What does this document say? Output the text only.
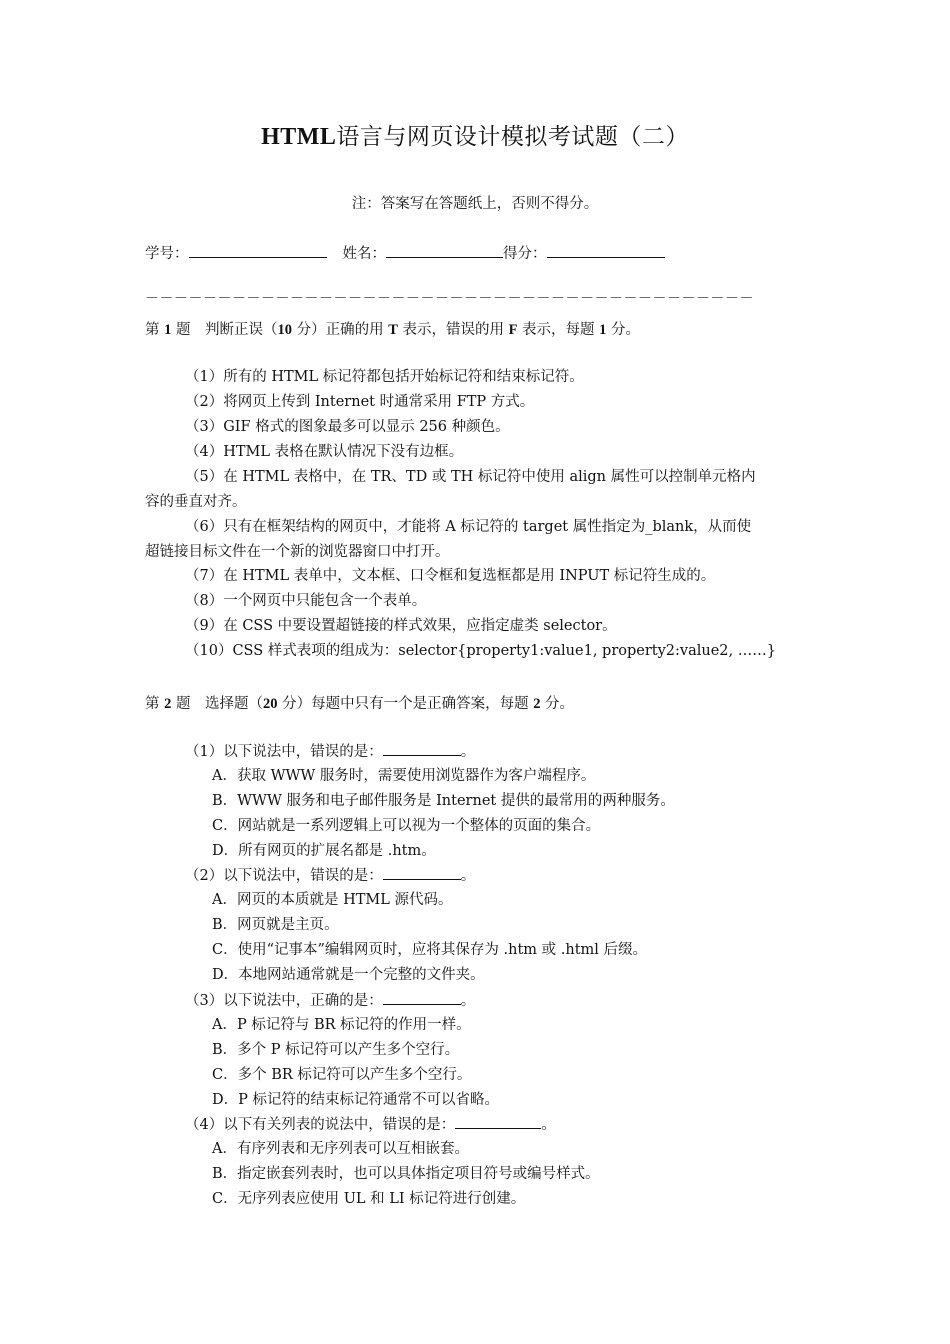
HTML语言与网页设计模拟考试题（二）
注：答案写在答题纸上，否则不得分。
学号：	姓名：	得分：
－－－－－－－－－－－－－－－－－－－－－－－－－－－－－－－－－－－－－－－－－－
第 1 题　判断正误（10 分）正确的用 T 表示，错误的用 F 表示，每题 1 分。
（1）所有的 HTML 标记符都包括开始标记符和结束标记符。
（2）将网页上传到 Internet 时通常采用 FTP 方式。
（3）GIF 格式的图象最多可以显示 256 种颜色。
（4）HTML 表格在默认情况下没有边框。
（5）在 HTML 表格中，在 TR、TD 或 TH 标记符中使用 align 属性可以控制单元格内
容的垂直对齐。
（6）只有在框架结构的网页中，才能将 A 标记符的 target 属性指定为_blank，从而使
超链接目标文件在一个新的浏览器窗口中打开。
（7）在 HTML 表单中，文本框、口令框和复选框都是用 INPUT 标记符生成的。
（8）一个网页中只能包含一个表单。
（9）在 CSS 中要设置超链接的样式效果，应指定虚类 selector。
（10）CSS 样式表项的组成为：selector{property1:value1, property2:value2, ……}
第 2 题　选择题（20 分）每题中只有一个是正确答案，每题 2 分。
（1）以下说法中，错误的是：	。
A．获取 WWW 服务时，需要使用浏览器作为客户端程序。
B．WWW 服务和电子邮件服务是 Internet 提供的最常用的两种服务。
C．网站就是一系列逻辑上可以视为一个整体的页面的集合。
D．所有网页的扩展名都是 .htm。
（2）以下说法中，错误的是：	。
A．网页的本质就是 HTML 源代码。
B．网页就是主页。
C．使用“记事本”编辑网页时，应将其保存为 .htm 或 .html 后缀。
D．本地网站通常就是一个完整的文件夹。
（3）以下说法中，正确的是：	。
A．P 标记符与 BR 标记符的作用一样。
B．多个 P 标记符可以产生多个空行。
C．多个 BR 标记符可以产生多个空行。
D．P 标记符的结束标记符通常不可以省略。
（4）以下有关列表的说法中，错误的是：	。
A．有序列表和无序列表可以互相嵌套。
B．指定嵌套列表时，也可以具体指定项目符号或编号样式。
C．无序列表应使用 UL 和 LI 标记符进行创建。
